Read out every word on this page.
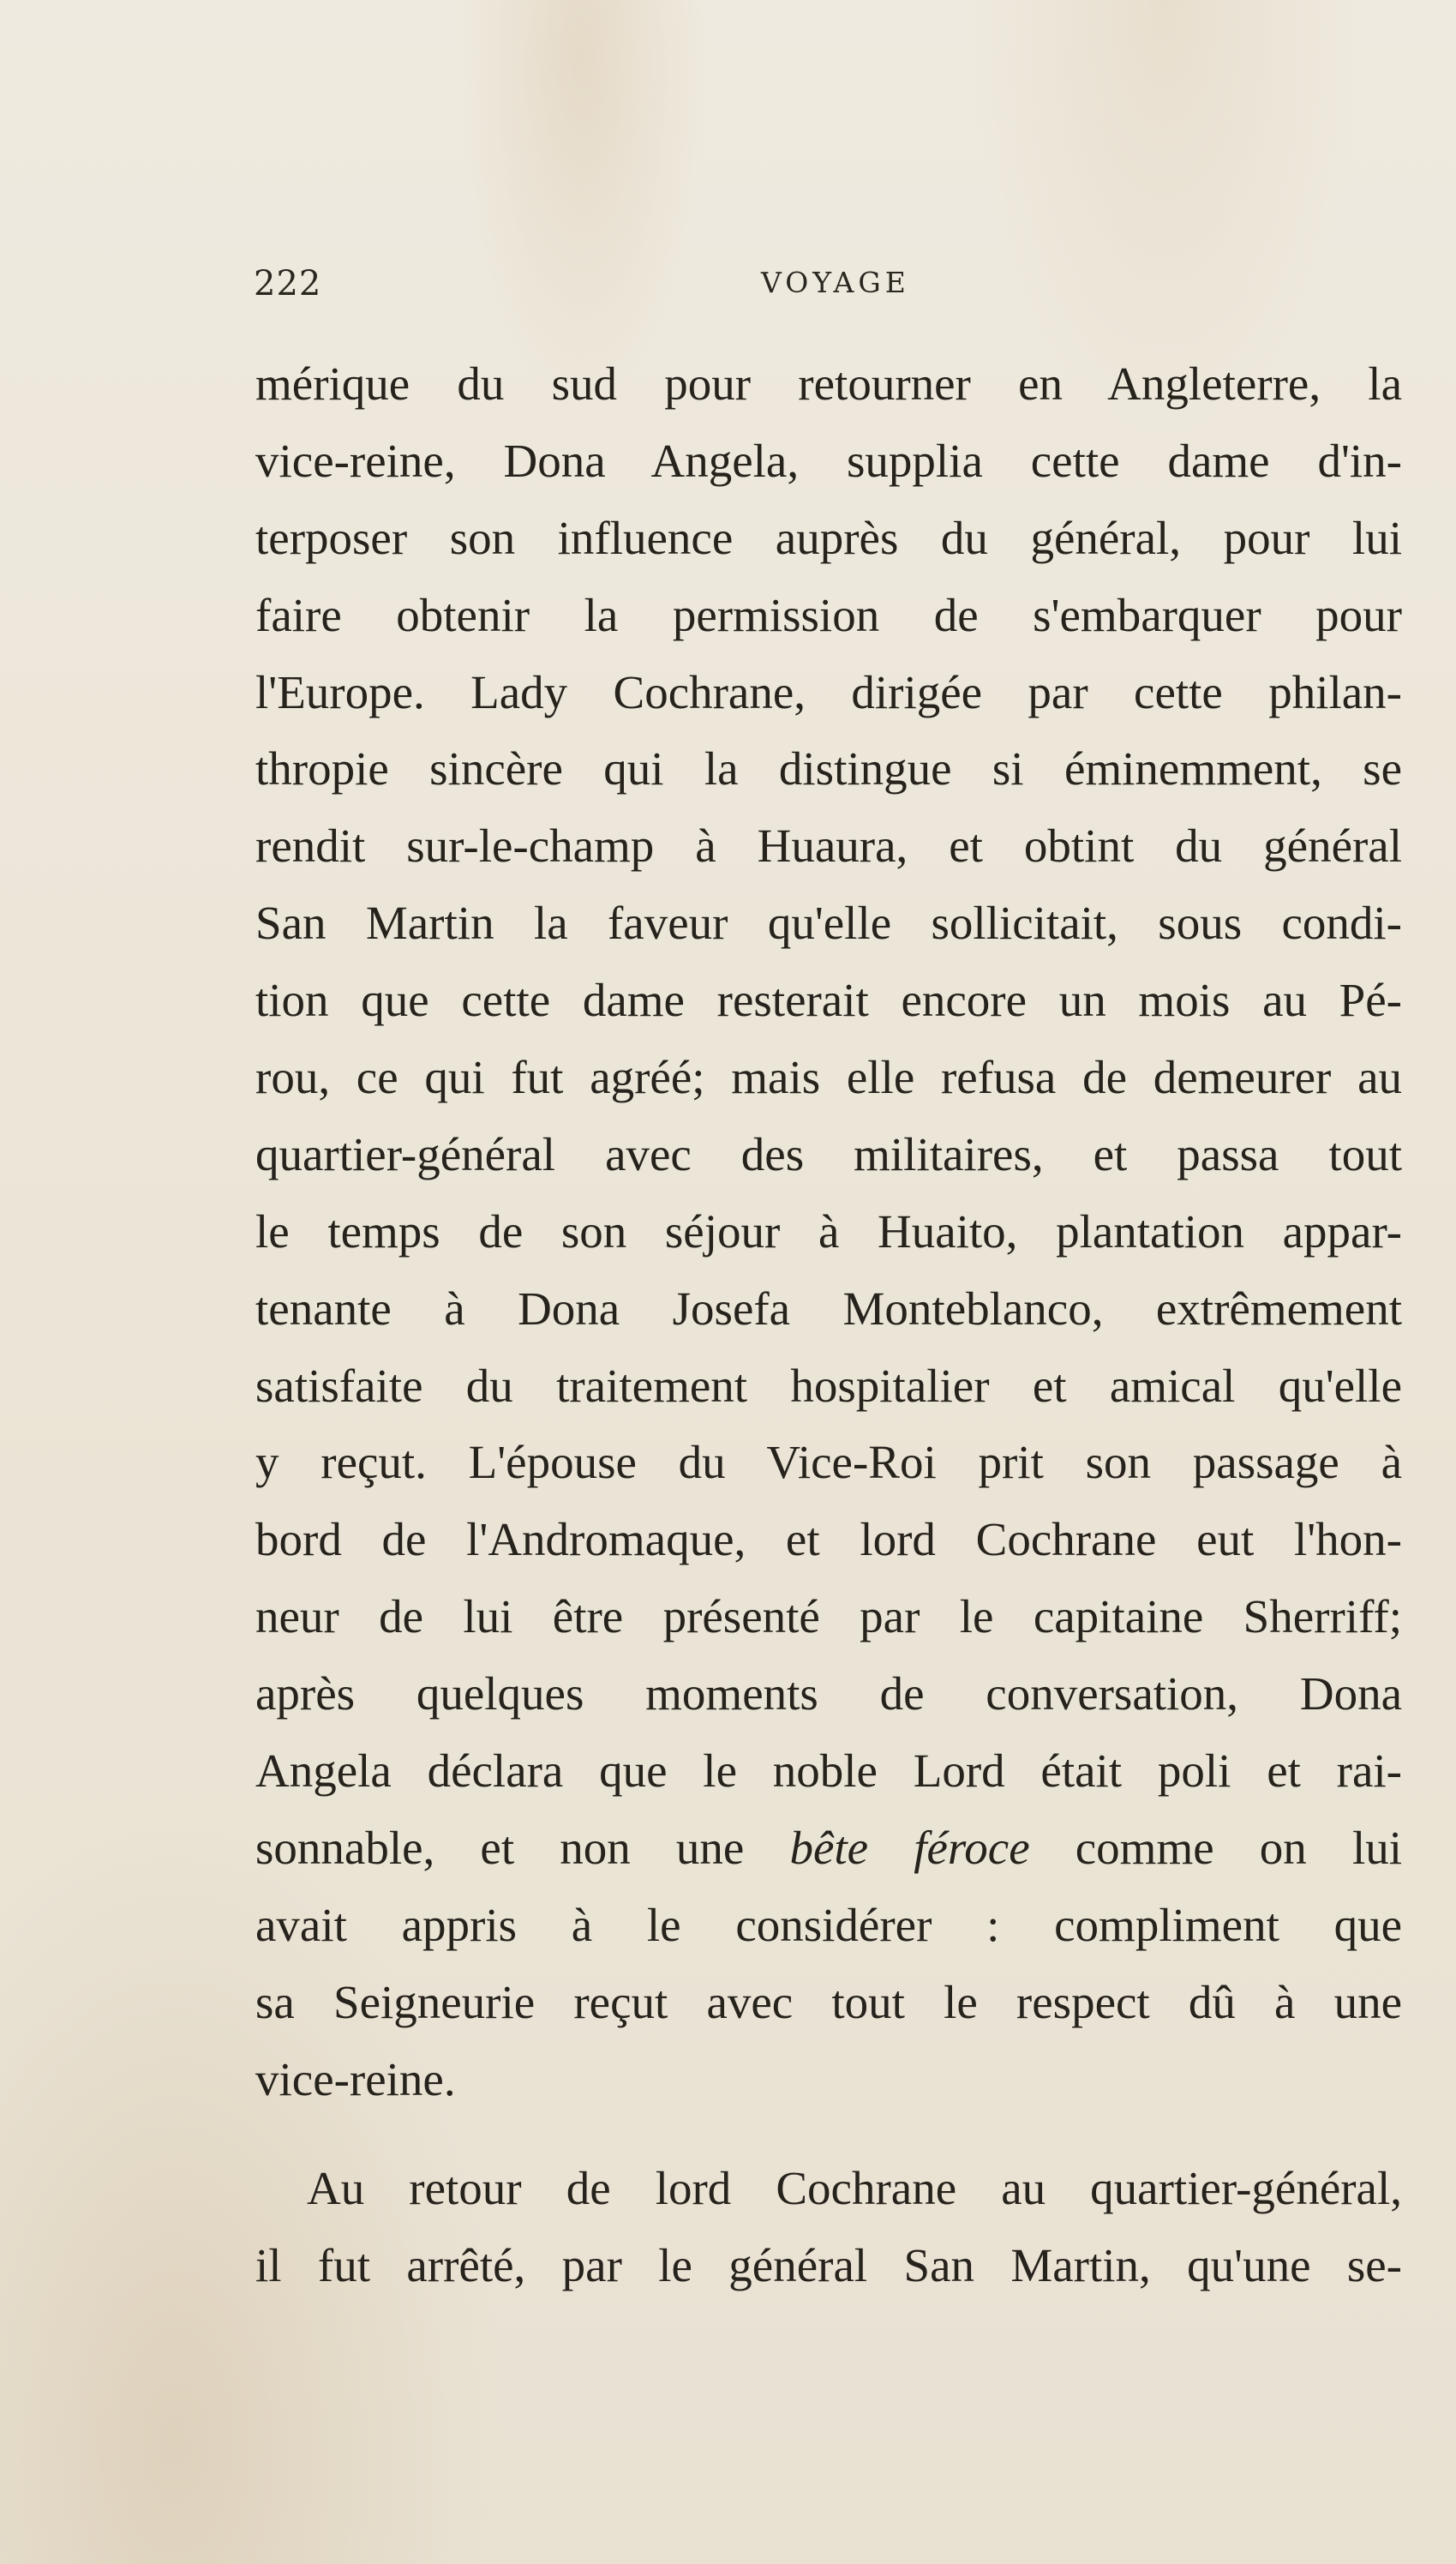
222	VOYAGE
mérique du sud pour retourner en Angleterre, la
vice-reine, Dona Angela, supplia cette dame d'in-
terposer son influence auprès du général, pour lui
faire obtenir la permission de s'embarquer pour
l'Europe. Lady Cochrane, dirigée par cette philan-
thropie sincère qui la distingue si éminemment, se
rendit sur-le-champ à Huaura, et obtint du général
San Martin la faveur qu'elle sollicitait, sous condi-
tion que cette dame resterait encore un mois au Pé-
rou, ce qui fut agréé; mais elle refusa de demeurer au
quartier-général avec des militaires, et passa tout
le temps de son séjour à Huaito, plantation appar-
tenante à Dona Josefa Monteblanco, extrêmement
satisfaite du traitement hospitalier et amical qu'elle
y reçut. L'épouse du Vice-Roi prit son passage à
bord de l'Andromaque, et lord Cochrane eut l'hon-
neur de lui être présenté par le capitaine Sherriff;
après quelques moments de conversation, Dona
Angela déclara que le noble Lord était poli et rai-
sonnable, et non une bête féroce comme on lui
avait appris à le considérer : compliment que
sa Seigneurie reçut avec tout le respect dû à une
vice-reine.
Au retour de lord Cochrane au quartier-général,
il fut arrêté, par le général San Martin, qu'une se-
